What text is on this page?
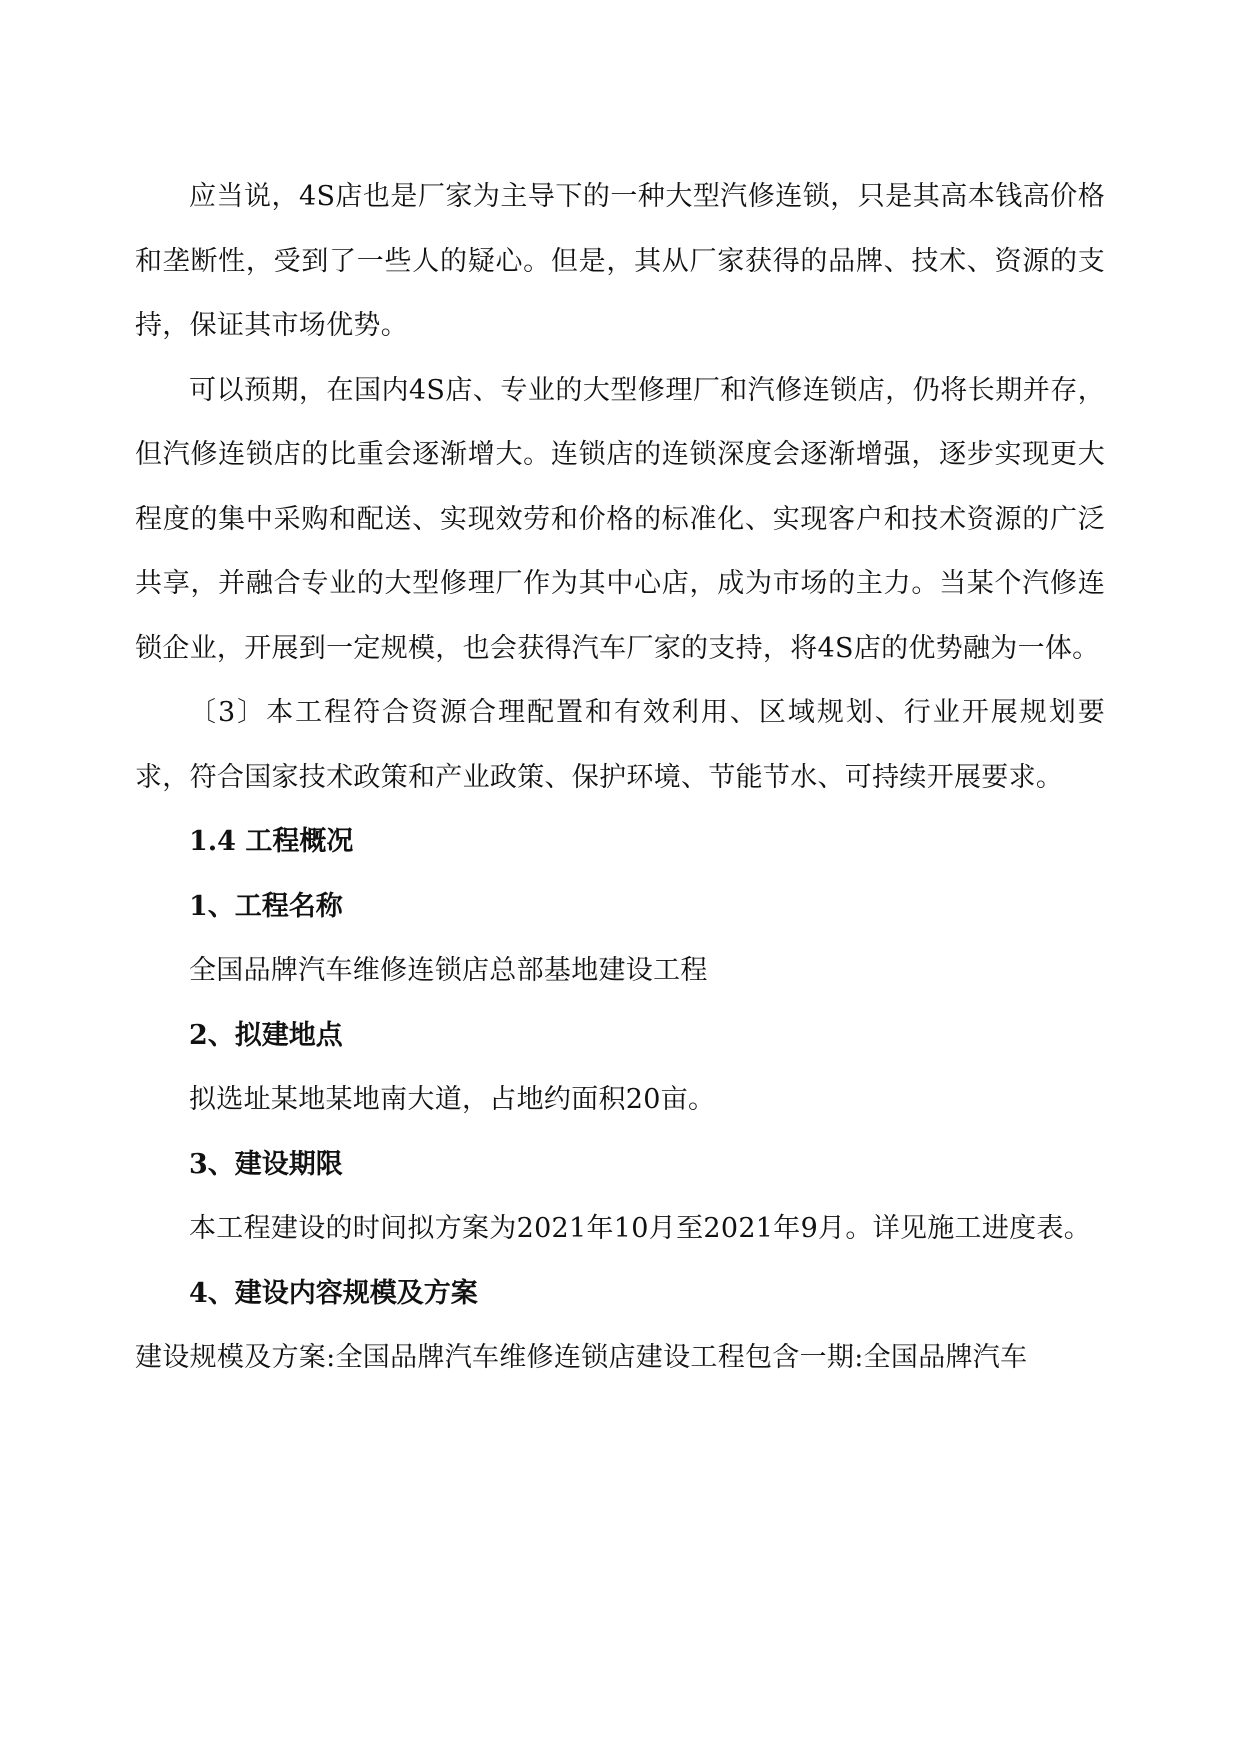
应当说，4S店也是厂家为主导下的一种大型汽修连锁，只是其高本钱高价格和垄断性，受到了一些人的疑心。但是，其从厂家获得的品牌、技术、资源的支持，保证其市场优势。

可以预期，在国内4S店、专业的大型修理厂和汽修连锁店，仍将长期并存，但汽修连锁店的比重会逐渐增大。连锁店的连锁深度会逐渐增强，逐步实现更大程度的集中采购和配送、实现效劳和价格的标准化、实现客户和技术资源的广泛共享，并融合专业的大型修理厂作为其中心店，成为市场的主力。当某个汽修连锁企业，开展到一定规模，也会获得汽车厂家的支持，将4S店的优势融为一体。

〔3〕本工程符合资源合理配置和有效利用、区域规划、行业开展规划要求，符合国家技术政策和产业政策、保护环境、节能节水、可持续开展要求。

1.4 工程概况

1、工程名称

全国品牌汽车维修连锁店总部基地建设工程

2、拟建地点

拟选址某地某地南大道，占地约面积20亩。

3、建设期限

本工程建设的时间拟方案为2021年10月至2021年9月。详见施工进度表。

4、建设内容规模及方案

建设规模及方案:全国品牌汽车维修连锁店建设工程包含一期:全国品牌汽车
